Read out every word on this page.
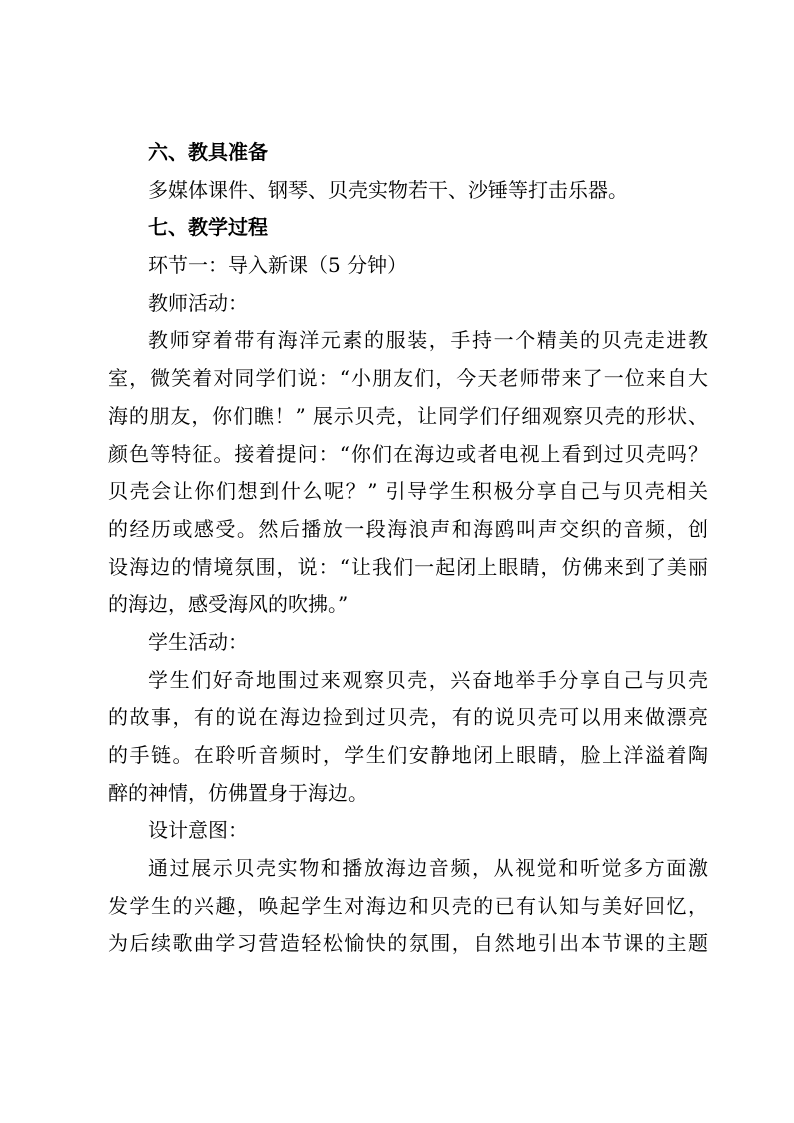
六、教具准备
多媒体课件、钢琴、贝壳实物若干、沙锤等打击乐器。
七、教学过程
环节一：导入新课（5 分钟）
教师活动：
教师穿着带有海洋元素的服装，手持一个精美的贝壳走进教
室，微笑着对同学们说：“小朋友们，今天老师带来了一位来自大
海的朋友，你们瞧！” 展示贝壳，让同学们仔细观察贝壳的形状、
颜色等特征。接着提问：“你们在海边或者电视上看到过贝壳吗？
贝壳会让你们想到什么呢？” 引导学生积极分享自己与贝壳相关
的经历或感受。然后播放一段海浪声和海鸥叫声交织的音频，创
设海边的情境氛围，说：“让我们一起闭上眼睛，仿佛来到了美丽
的海边，感受海风的吹拂。”
学生活动：
学生们好奇地围过来观察贝壳，兴奋地举手分享自己与贝壳
的故事，有的说在海边捡到过贝壳，有的说贝壳可以用来做漂亮
的手链。在聆听音频时，学生们安静地闭上眼睛，脸上洋溢着陶
醉的神情，仿佛置身于海边。
设计意图：
通过展示贝壳实物和播放海边音频，从视觉和听觉多方面激
发学生的兴趣，唤起学生对海边和贝壳的已有认知与美好回忆，
为后续歌曲学习营造轻松愉快的氛围，自然地引出本节课的主题
